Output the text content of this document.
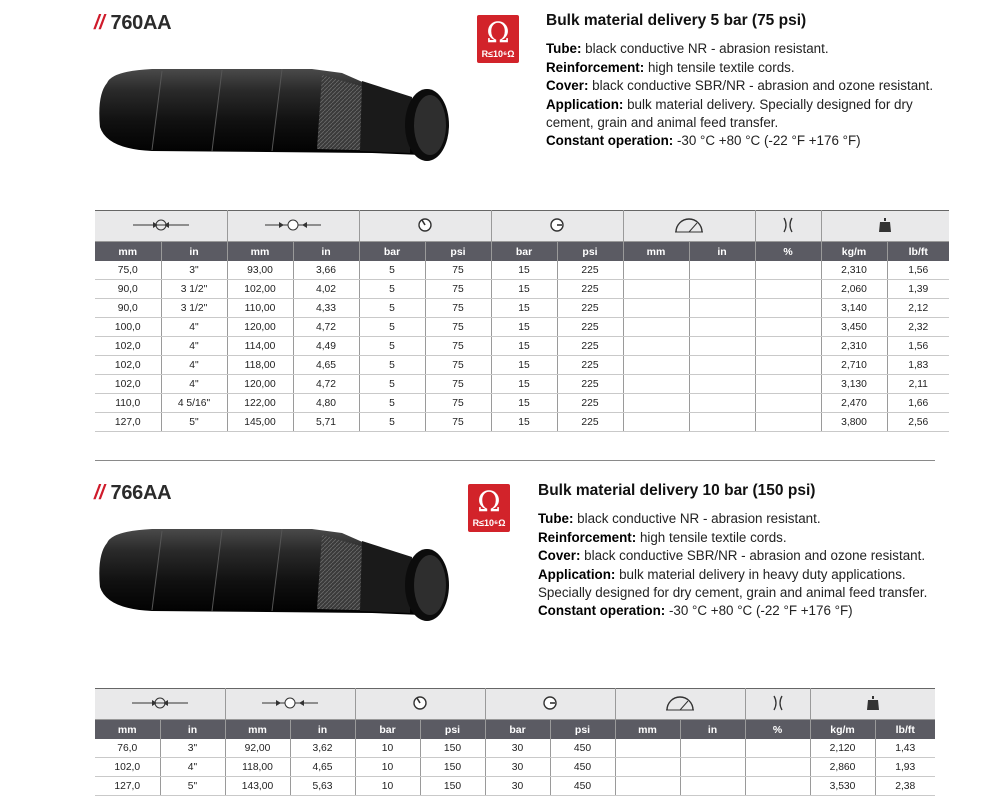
// 760AA	Ω
R≤10⁶Ω
Bulk material delivery 5 bar (75 psi)

Tube: black conductive NR - abrasion resistant.

Reinforcement: high tensile textile cords.

Cover: black conductive SBR/NR - abrasion and ozone resistant.

Application: bulk material delivery. Specially designed for dry cement, grain and animal feed transfer.

Constant operation: -30 °C +80 °C (-22 °F +176 °F)

mm	in	mm	in	bar	psi	bar	psi	mm	in	%	kg/m	lb/ft
75,0	3"	93,00	3,66	5	75	15	225				2,310	1,56
90,0	3 1/2"	102,00	4,02	5	75	15	225				2,060	1,39
90,0	3 1/2"	110,00	4,33	5	75	15	225				3,140	2,12
100,0	4"	120,00	4,72	5	75	15	225				3,450	2,32
102,0	4"	114,00	4,49	5	75	15	225				2,310	1,56
102,0	4"	118,00	4,65	5	75	15	225				2,710	1,83
102,0	4"	120,00	4,72	5	75	15	225				3,130	2,11
110,0	4 5/16"	122,00	4,80	5	75	15	225				2,470	1,66
127,0	5"	145,00	5,71	5	75	15	225				3,800	2,56
// 766AA	Ω
R≤10⁶Ω
Bulk material delivery 10 bar (150 psi)

Tube: black conductive NR - abrasion resistant.

Reinforcement: high tensile textile cords.

Cover: black conductive SBR/NR - abrasion and ozone resistant.

Application: bulk material delivery in heavy duty applications. Specially designed for dry cement, grain and animal feed transfer.

Constant operation: -30 °C +80 °C (-22 °F +176 °F)

mm	in	mm	in	bar	psi	bar	psi	mm	in	%	kg/m	lb/ft
76,0	3"	92,00	3,62	10	150	30	450				2,120	1,43
102,0	4"	118,00	4,65	10	150	30	450				2,860	1,93
127,0	5"	143,00	5,63	10	150	30	450				3,530	2,38
